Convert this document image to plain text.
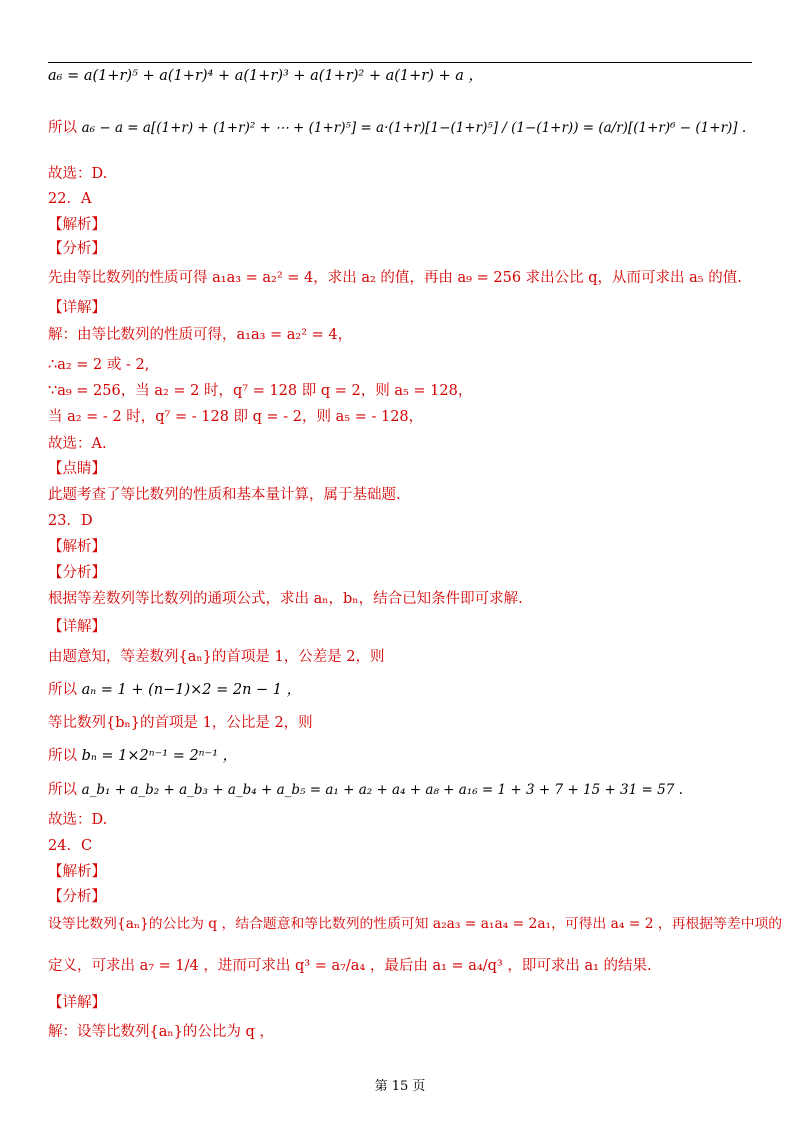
a₆ = a(1+r)⁵ + a(1+r)⁴ + a(1+r)³ + a(1+r)² + a(1+r) + a ，
所以 a₆ − a = a[(1+r) + (1+r)² + ⋯ + (1+r)⁵] = a·(1+r)[1−(1+r)⁵] / (1−(1+r)) = (a/r)[(1+r)⁶ − (1+r)] .
故选：D.
22．A
【解析】
【分析】
先由等比数列的性质可得 a₁a₃ = a₂² = 4，求出 a₂ 的值，再由 a₉ = 256 求出公比 q，从而可求出 a₅ 的值.
【详解】
解：由等比数列的性质可得，a₁a₃ = a₂² = 4，
∴a₂ = 2 或 - 2,
∵a₉ = 256，当 a₂ = 2 时，q⁷ = 128 即 q = 2，则 a₅ = 128，
当 a₂ = - 2 时，q⁷ = - 128 即 q = - 2，则 a₅ = - 128，
故选：A.
【点睛】
此题考查了等比数列的性质和基本量计算，属于基础题.
23．D
【解析】
【分析】
根据等差数列等比数列的通项公式，求出 aₙ，bₙ，结合已知条件即可求解.
【详解】
由题意知，等差数列{aₙ}的首项是 1，公差是 2，则
所以 aₙ = 1 + (n−1)×2 = 2n − 1 ，
等比数列{bₙ}的首项是 1，公比是 2，则
所以 bₙ = 1×2ⁿ⁻¹ = 2ⁿ⁻¹ ，
所以 a_b₁ + a_b₂ + a_b₃ + a_b₄ + a_b₅ = a₁ + a₂ + a₄ + a₈ + a₁₆ = 1 + 3 + 7 + 15 + 31 = 57 .
故选：D.
24．C
【解析】
【分析】
设等比数列{aₙ}的公比为 q ，结合题意和等比数列的性质可知 a₂a₃ = a₁a₄ = 2a₁，可得出 a₄ = 2 ，再根据等差中项的
定义，可求出 a₇ = 1/4 ，进而可求出 q³ = a₇/a₄ ，最后由 a₁ = a₄/q³ ，即可求出 a₁ 的结果.
【详解】
解：设等比数列{aₙ}的公比为 q ，
第 15 页
